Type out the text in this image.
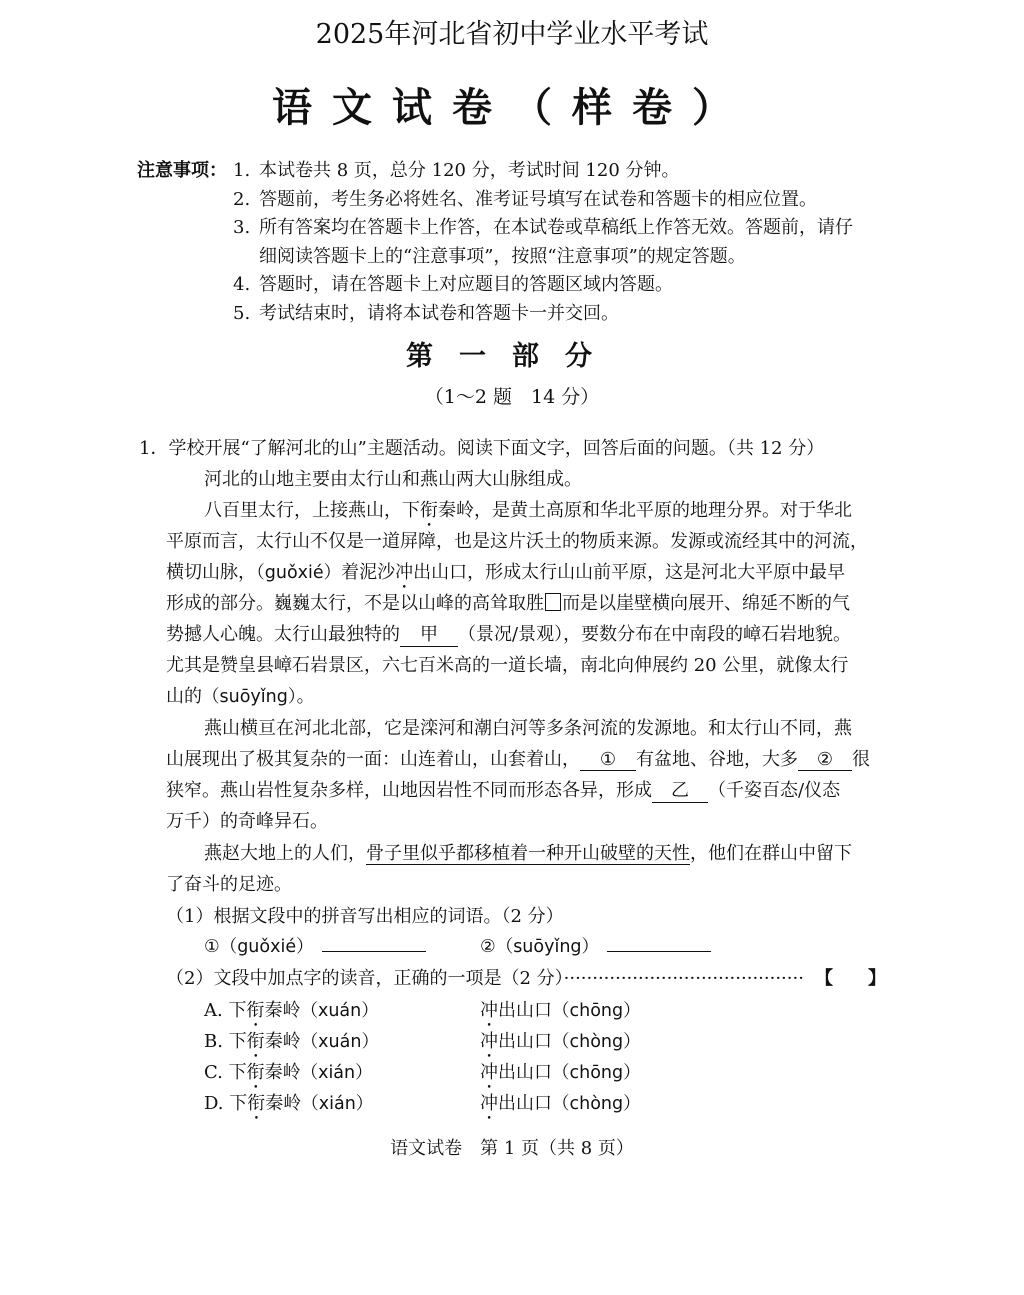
2025年河北省初中学业水平考试
语文试卷（样卷）
注意事项： 1. 本试卷共 8 页，总分 120 分，考试时间 120 分钟。
2. 答题前，考生务必将姓名、准考证号填写在试卷和答题卡的相应位置。
3. 所有答案均在答题卡上作答，在本试卷或草稿纸上作答无效。答题前，请仔
细阅读答题卡上的“注意事项”，按照“注意事项”的规定答题。
4. 答题时，请在答题卡上对应题目的答题区域内答题。
5. 考试结束时，请将本试卷和答题卡一并交回。
第一部分
（1～2 题　14 分）
1．学校开展“了解河北的山”主题活动。阅读下面文字，回答后面的问题。（共 12 分）
河北的山地主要由太行山和燕山两大山脉组成。
八百里太行，上接燕山，下衔秦岭，是黄土高原和华北平原的地理分界。对于华北
平原而言，太行山不仅是一道屏障，也是这片沃土的物质来源。发源或流经其中的河流，
横切山脉，（guǒxié）着泥沙冲出山口，形成太行山山前平原，这是河北大平原中最早
形成的部分。巍巍太行，不是以山峰的高耸取胜 而是以崖壁横向展开、绵延不断的气
势撼人心魄。太行山最独特的 甲 （景况/景观），要数分布在中南段的嶂石岩地貌。
尤其是赞皇县嶂石岩景区，六七百米高的一道长墙，南北向伸展约 20 公里，就像太行
山的（suōyǐng）。
燕山横亘在河北北部，它是滦河和潮白河等多条河流的发源地。和太行山不同，燕
山展现出了极其复杂的一面：山连着山，山套着山， ① 有盆地、谷地，大多 ② 很
狭窄。燕山岩性复杂多样，山地因岩性不同而形态各异，形成 乙 （千姿百态/仪态
万千）的奇峰异石。
燕赵大地上的人们，骨子里似乎都移植着一种开山破壁的天性，他们在群山中留下
了奋斗的足迹。
（1）根据文段中的拼音写出相应的词语。（2 分）
①（guǒxié）	②（suōyǐng）
（2）文段中加点字的读音，正确的一项是（2 分）·········································· 【 】
A. 下衔秦岭（xuán）	冲出山口（chōng）
B. 下衔秦岭（xuán）	冲出山口（chòng）
C. 下衔秦岭（xián）	冲出山口（chōng）
D. 下衔秦岭（xián）	冲出山口（chòng）
语文试卷　第 1 页（共 8 页）
